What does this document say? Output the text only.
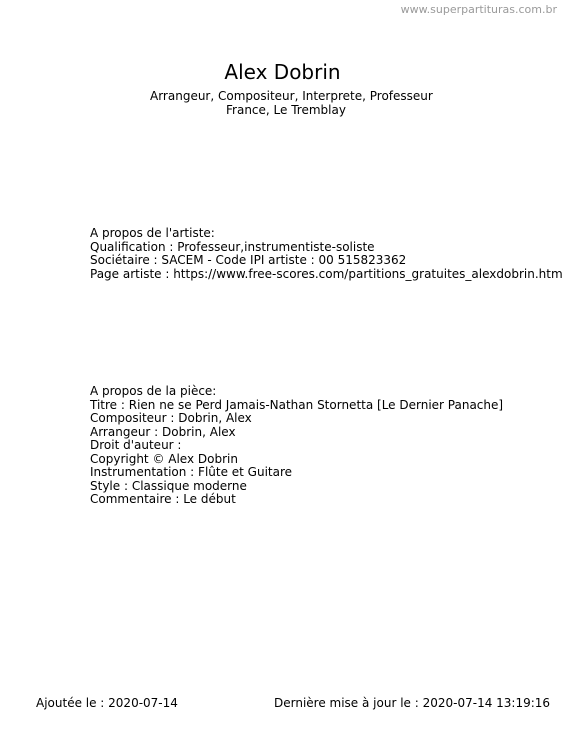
www.superpartituras.com.br
Alex Dobrin
Arrangeur, Compositeur, Interprete, Professeur
France, Le Tremblay
A propos de l'artiste:
Qualification : Professeur,instrumentiste-soliste
Sociétaire : SACEM - Code IPI artiste : 00 515823362
Page artiste : https://www.free-scores.com/partitions_gratuites_alexdobrin.htm
A propos de la pièce:
Titre : Rien ne se Perd Jamais-Nathan Stornetta [Le Dernier Panache]
Compositeur : Dobrin, Alex
Arrangeur : Dobrin, Alex
Droit d'auteur :
Copyright © Alex Dobrin
Instrumentation : Flûte et Guitare
Style : Classique moderne
Commentaire : Le début
Ajoutée le : 2020-07-14	Dernière mise à jour le : 2020-07-14 13:19:16
